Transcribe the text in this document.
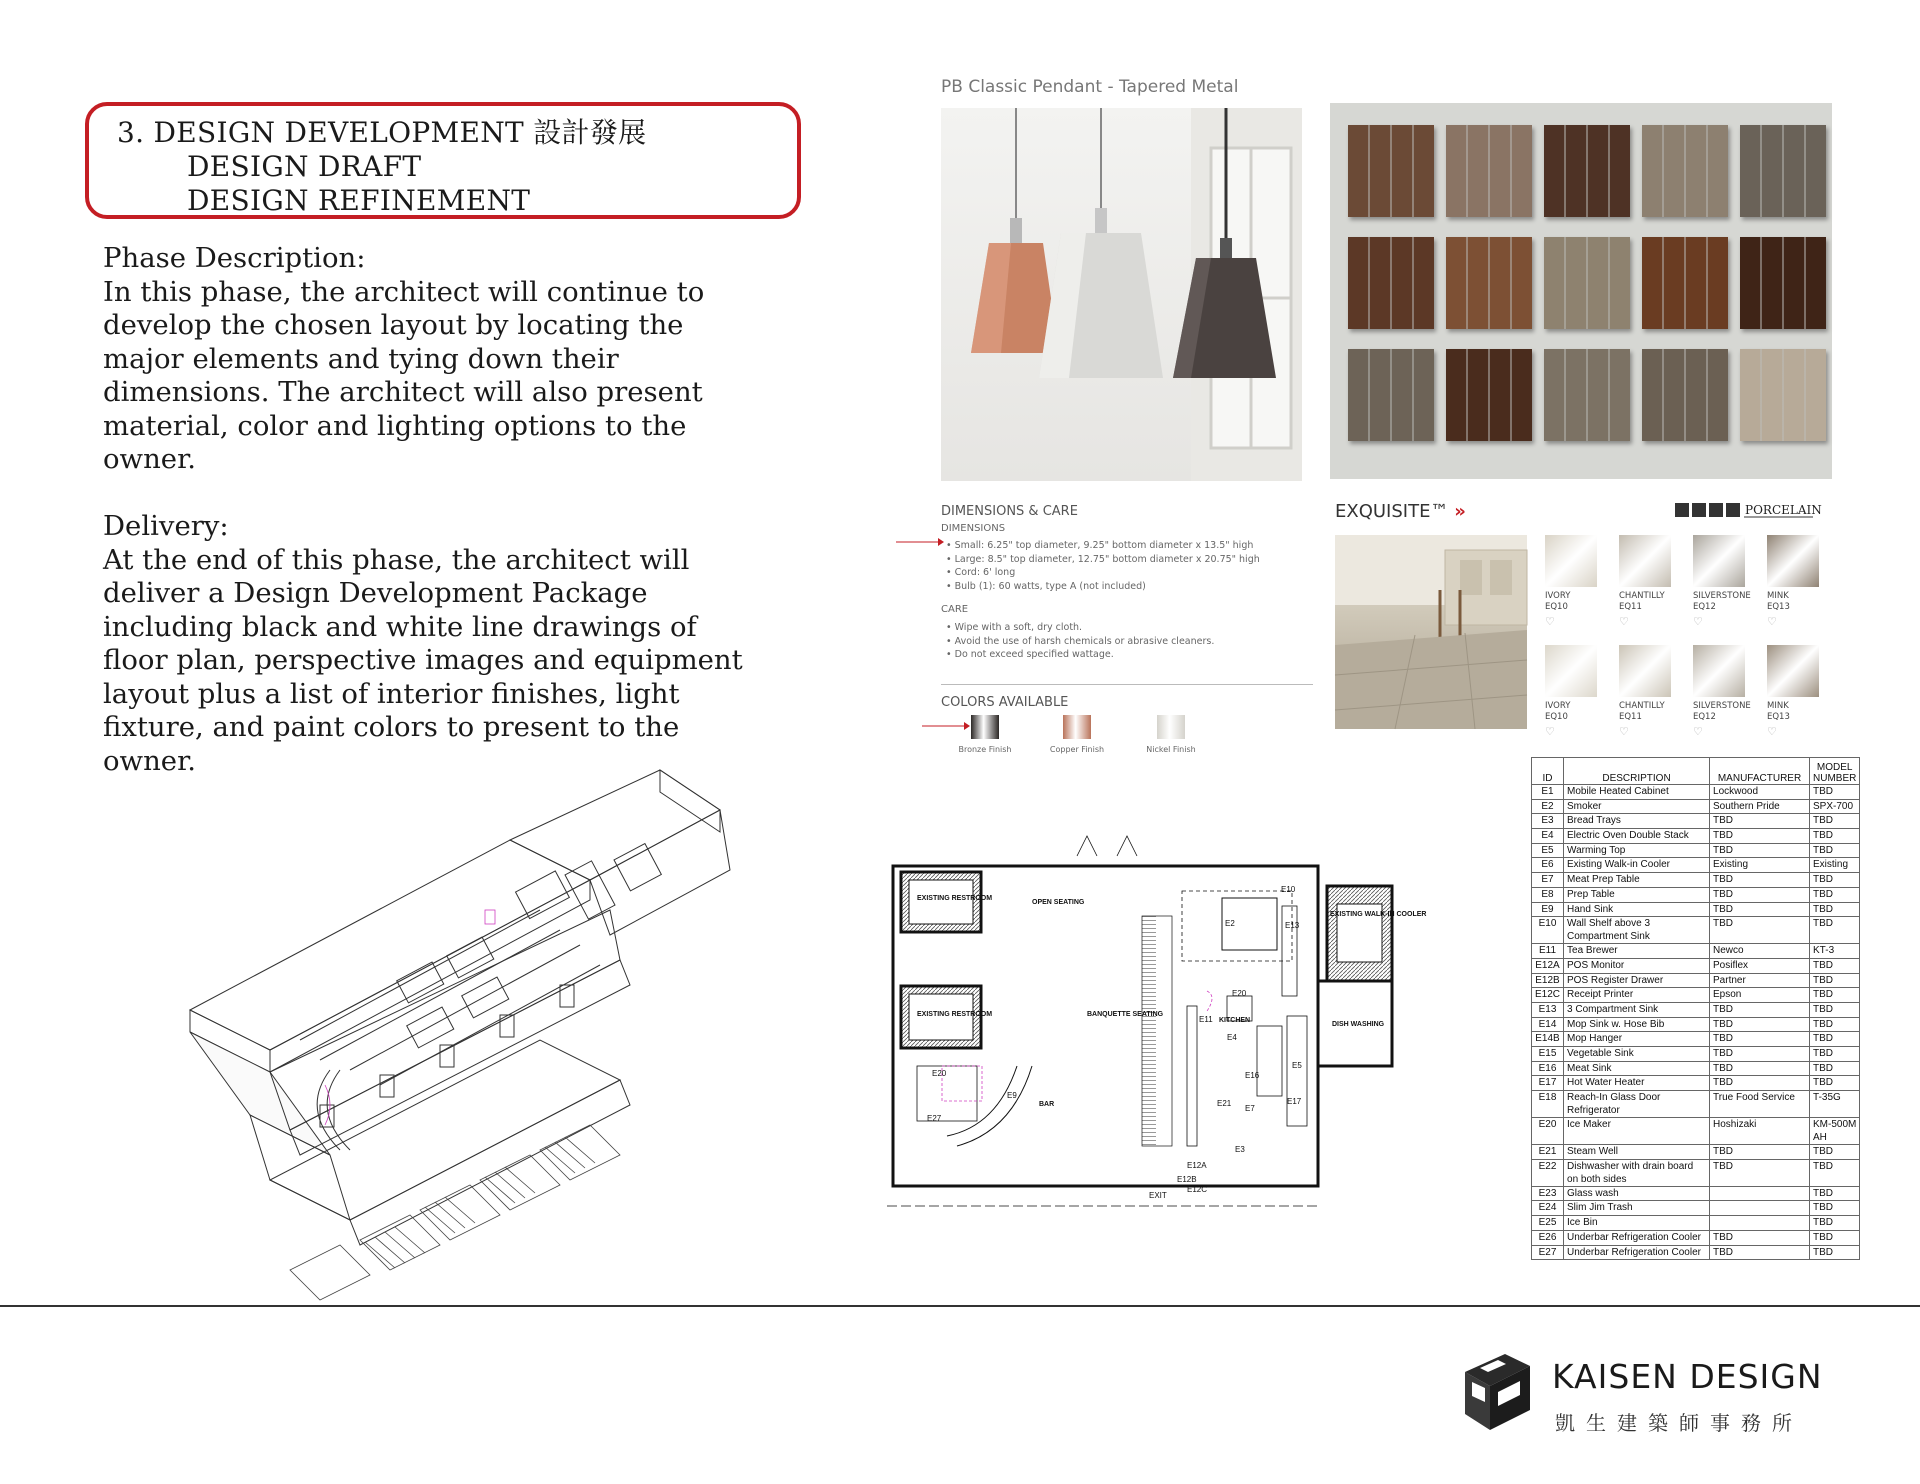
3. DESIGN DEVELOPMENT 設計發展
DESIGN DRAFT
DESIGN REFINEMENT
Phase Description:
In this phase, the architect will continue to
develop the chosen layout by locating the
major elements and tying down their
dimensions. The architect will also present
material, color and lighting options to the
owner.
Delivery:
At the end of this phase, the architect will
deliver a Design Development Package
including black and white line drawings of
floor plan, perspective images and equipment
layout plus a list of interior finishes, light
fixture, and paint colors to present to the
owner.
PB Classic Pendant - Tapered Metal
DIMENSIONS & CARE
DIMENSIONS
• Small: 6.25" top diameter, 9.25" bottom diameter x 13.5" high
• Large: 8.5" top diameter, 12.75" bottom diameter x 20.75" high
• Cord: 6' long
• Bulb (1): 60 watts, type A (not included)
CARE
• Wipe with a soft, dry cloth.
• Avoid the use of harsh chemicals or abrasive cleaners.
• Do not exceed specified wattage.
COLORS AVAILABLE
Bronze Finish	Copper Finish	Nickel Finish
EXQUISITE™ »	PORCELAIN
IVORY
EQ10
♡
CHANTILLY
EQ11
♡
SILVERSTONE
EQ12
♡
MINK
EQ13
♡
IVORY
EQ10
♡
CHANTILLY
EQ11
♡
SILVERSTONE
EQ12
♡
MINK
EQ13
♡
EXISTING RESTROOM
OPEN SEATING
EXISTING RESTROOM	BANQUETTE SEATING
KITCHEN
BAR
EXISTING WALK-IN COOLER
DISH WASHING
EXIT
E2
E10
E13
E20
E11
E4
E5
E16
E7
E3
E21	E17
E20
E27
E9
E12A
E12B
E12C
ID	DESCRIPTION	MANUFACTURER	MODEL NUMBER
E1	Mobile Heated Cabinet	Lockwood	TBD
E2	Smoker	Southern Pride	SPX-700
E3	Bread Trays	TBD	TBD
E4	Electric Oven Double Stack	TBD	TBD
E5	Warming Top	TBD	TBD
E6	Existing Walk-in Cooler	Existing	Existing
E7	Meat Prep Table	TBD	TBD
E8	Prep Table	TBD	TBD
E9	Hand Sink	TBD	TBD
E10	Wall Shelf above 3 Compartment Sink	TBD	TBD
E11	Tea Brewer	Newco	KT-3
E12A	POS Monitor	Posiflex	TBD
E12B	POS Register Drawer	Partner	TBD
E12C	Receipt Printer	Epson	TBD
E13	3 Compartment Sink	TBD	TBD
E14	Mop Sink w. Hose Bib	TBD	TBD
E14B	Mop Hanger	TBD	TBD
E15	Vegetable Sink	TBD	TBD
E16	Meat Sink	TBD	TBD
E17	Hot Water Heater	TBD	TBD
E18	Reach-In Glass Door Refrigerator	True Food Service	T-35G
E20	Ice Maker	Hoshizaki	KM-500M AH
E21	Steam Well	TBD	TBD
E22	Dishwasher with drain board on both sides	TBD	TBD
E23	Glass wash		TBD
E24	Slim Jim Trash		TBD
E25	Ice Bin		TBD
E26	Underbar Refrigeration Cooler	TBD	TBD
E27	Underbar Refrigeration Cooler	TBD	TBD
KAISEN DESIGN
凱生建築師事務所
